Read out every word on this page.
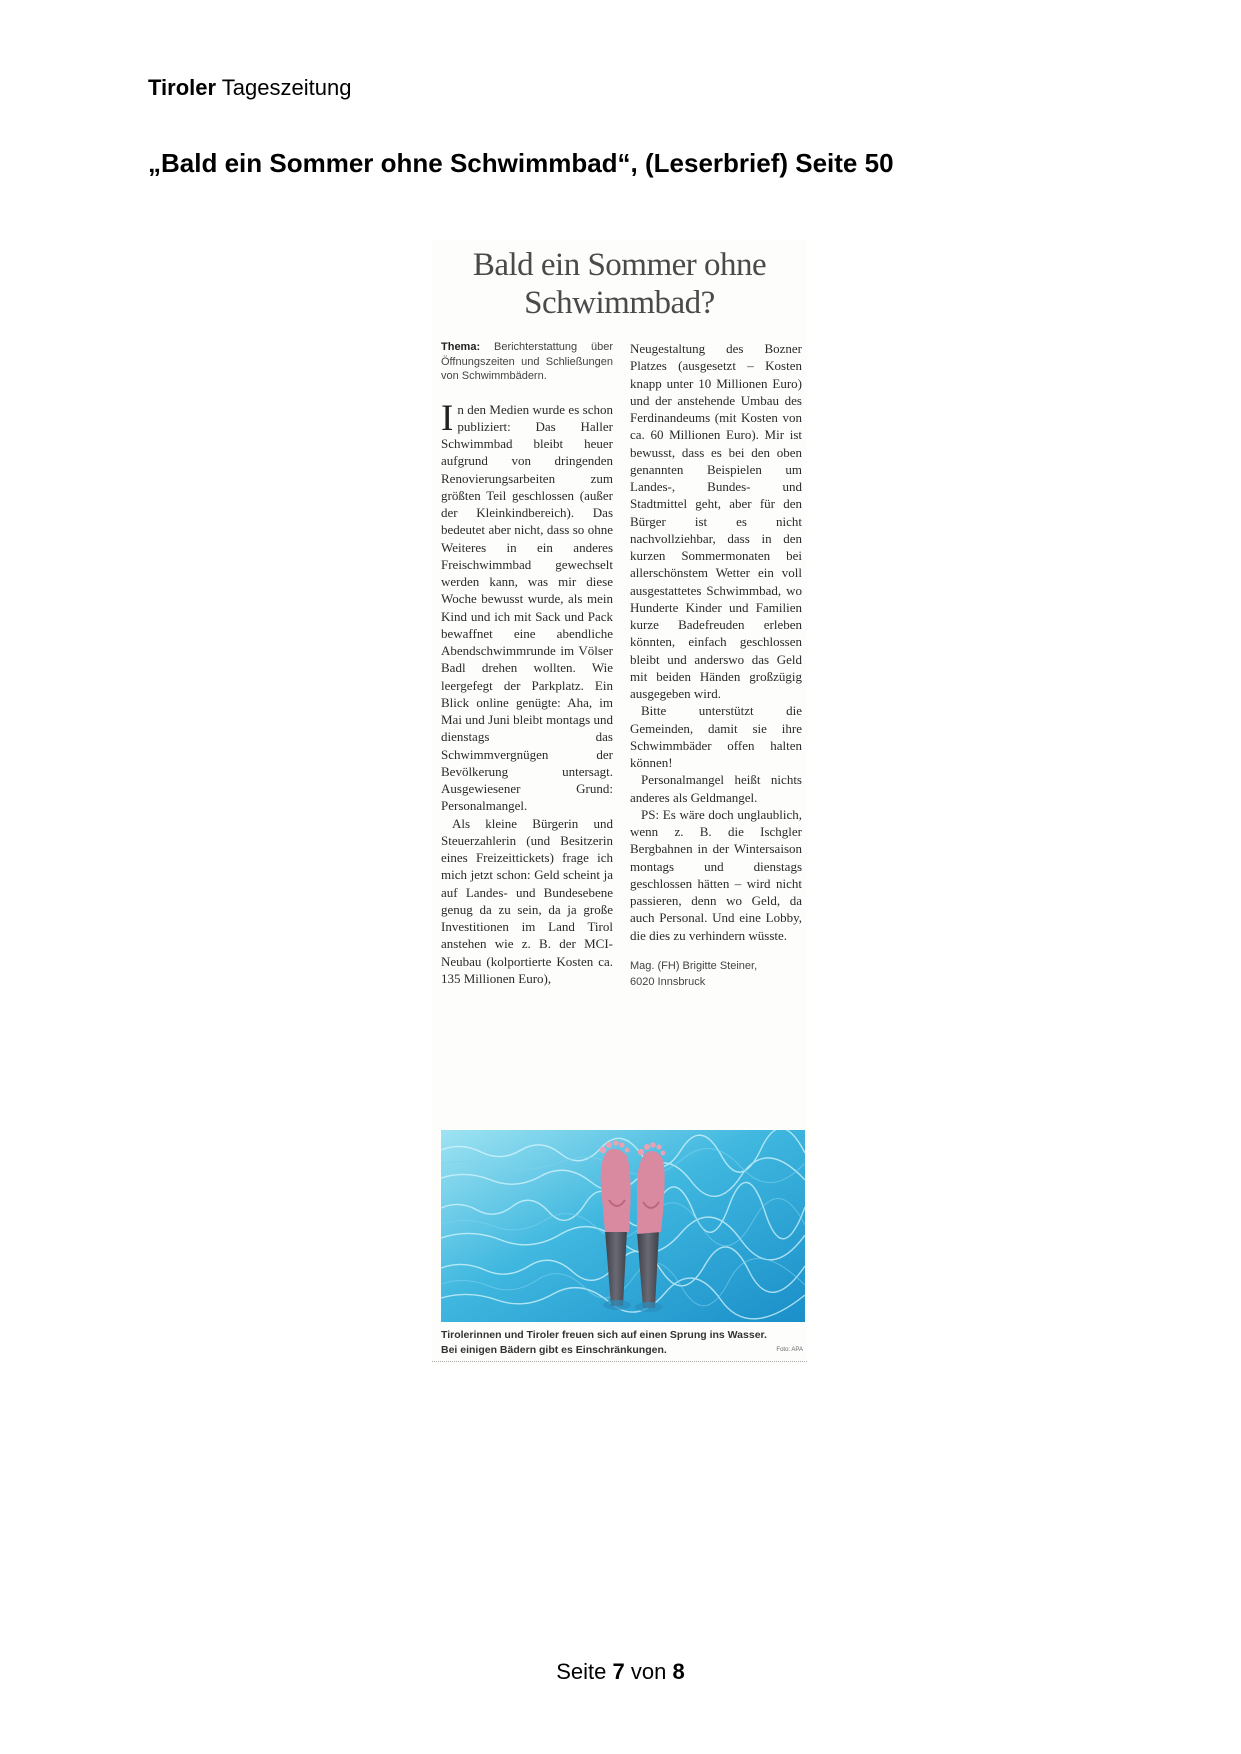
Tiroler Tageszeitung
„Bald ein Sommer ohne Schwimmbad“, (Leserbrief) Seite 50
Bald ein Sommer ohne
Schwimmbad?

Thema: Berichterstattung über Öffnungszeiten und Schließungen von Schwimmbädern.

In den Medien wurde es schon publiziert: Das Haller Schwimmbad bleibt heuer aufgrund von dringenden Renovierungsarbeiten zum größten Teil geschlossen (außer der Kleinkindbereich). Das bedeutet aber nicht, dass so ohne Weiteres in ein anderes Freischwimmbad gewechselt werden kann, was mir diese Woche bewusst wurde, als mein Kind und ich mit Sack und Pack bewaffnet eine abendliche Abendschwimmrunde im Völser Badl drehen wollten. Wie leergefegt der Parkplatz. Ein Blick online genügte: Aha, im Mai und Juni bleibt montags und dienstags das Schwimmvergnügen der Bevölkerung untersagt. Ausgewiesener Grund: Personalmangel.

Als kleine Bürgerin und Steuerzahlerin (und Besitzerin eines Freizeittickets) frage ich mich jetzt schon: Geld scheint ja auf Landes- und Bundesebene genug da zu sein, da ja große Investitionen im Land Tirol anstehen wie z. B. der MCI-Neubau (kolportierte Kosten ca. 135 Millionen Euro),

Neugestaltung des Bozner Platzes (ausgesetzt – Kosten knapp unter 10 Millionen Euro) und der anstehende Umbau des Ferdinandeums (mit Kosten von ca. 60 Millionen Euro). Mir ist bewusst, dass es bei den oben genannten Beispielen um Landes-, Bundes- und Stadtmittel geht, aber für den Bürger ist es nicht nachvollziehbar, dass in den kurzen Sommermonaten bei allerschönstem Wetter ein voll ausgestattetes Schwimmbad, wo Hunderte Kinder und Familien kurze Badefreuden erleben könnten, einfach geschlossen bleibt und anderswo das Geld mit beiden Händen großzügig ausgegeben wird.

Bitte unterstützt die Gemeinden, damit sie ihre Schwimmbäder offen halten können!

Personalmangel heißt nichts anderes als Geldmangel.

PS: Es wäre doch unglaublich, wenn z. B. die Ischgler Bergbahnen in der Wintersaison montags und dienstags geschlossen hätten – wird nicht passieren, denn wo Geld, da auch Personal. Und eine Lobby, die dies zu verhindern wüsste.

Mag. (FH) Brigitte Steiner,
6020 Innsbruck

Tirolerinnen und Tiroler freuen sich auf einen Sprung ins Wasser.
Bei einigen Bädern gibt es Einschränkungen.	Foto: APA
Seite 7 von 8
